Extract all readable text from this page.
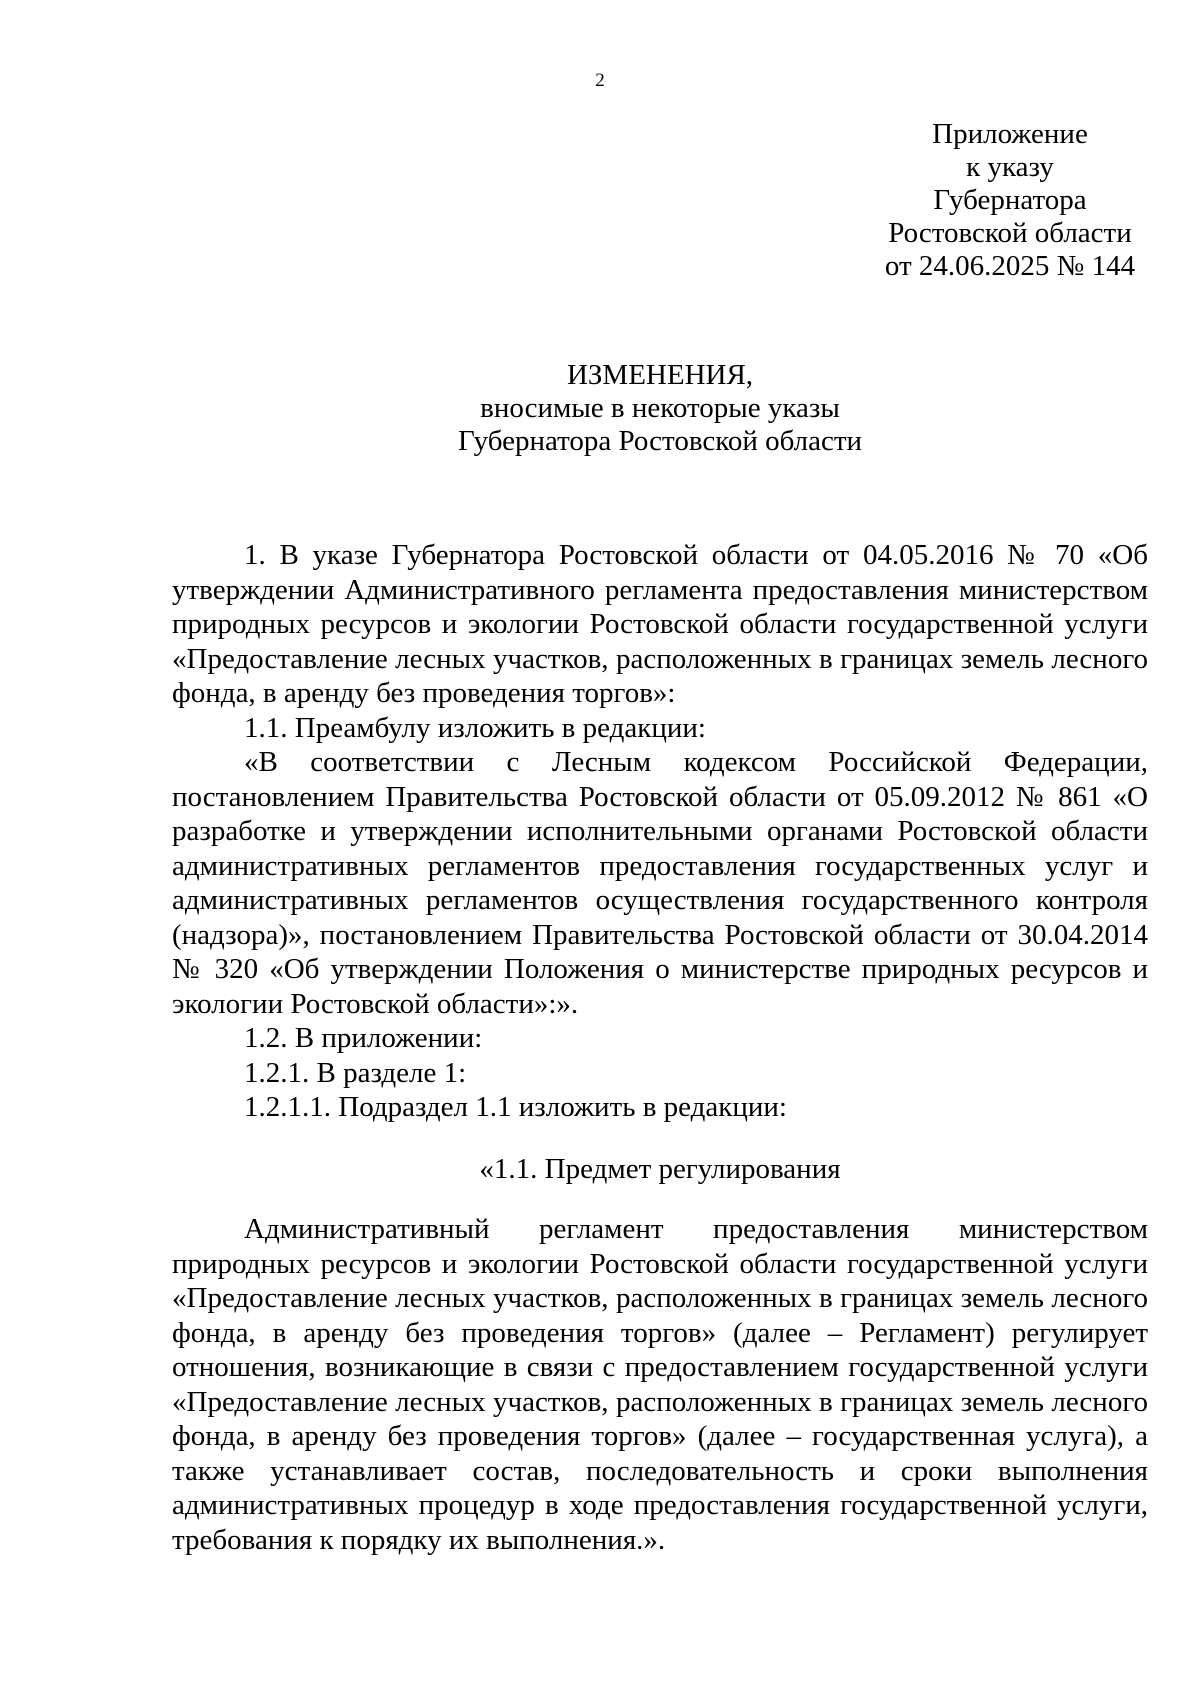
2
Приложение
к указу
Губернатора
Ростовской области
от 24.06.2025 № 144
ИЗМЕНЕНИЯ,
вносимые в некоторые указы
Губернатора Ростовской области

1. В указе Губернатора Ростовской области от 04.05.2016 № 70 «Об утверждении Административного регламента предоставления министерством природных ресурсов и экологии Ростовской области государственной услуги «Предоставление лесных участков, расположенных в границах земель лесного фонда, в аренду без проведения торгов»:

1.1. Преамбулу изложить в редакции:

«В соответствии с Лесным кодексом Российской Федерации, постановлением Правительства Ростовской области от 05.09.2012 № 861 «О разработке и утверждении исполнительными органами Ростовской области административных регламентов предоставления государственных услуг и административных регламентов осуществления государственного контроля (надзора)», постановлением Правительства Ростовской области от 30.04.2014 № 320 «Об утверждении Положения о министерстве природных ресурсов и экологии Ростовской области»:».

1.2. В приложении:

1.2.1. В разделе 1:

1.2.1.1. Подраздел 1.1 изложить в редакции:

«1.1. Предмет регулирования

Административный регламент предоставления министерством природных ресурсов и экологии Ростовской области государственной услуги «Предоставление лесных участков, расположенных в границах земель лесного фонда, в аренду без проведения торгов» (далее – Регламент) регулирует отношения, возникающие в связи с предоставлением государственной услуги «Предоставление лесных участков, расположенных в границах земель лесного фонда, в аренду без проведения торгов» (далее – государственная услуга), а также устанавливает состав, последовательность и сроки выполнения административных процедур в ходе предоставления государственной услуги, требования к порядку их выполнения.».
